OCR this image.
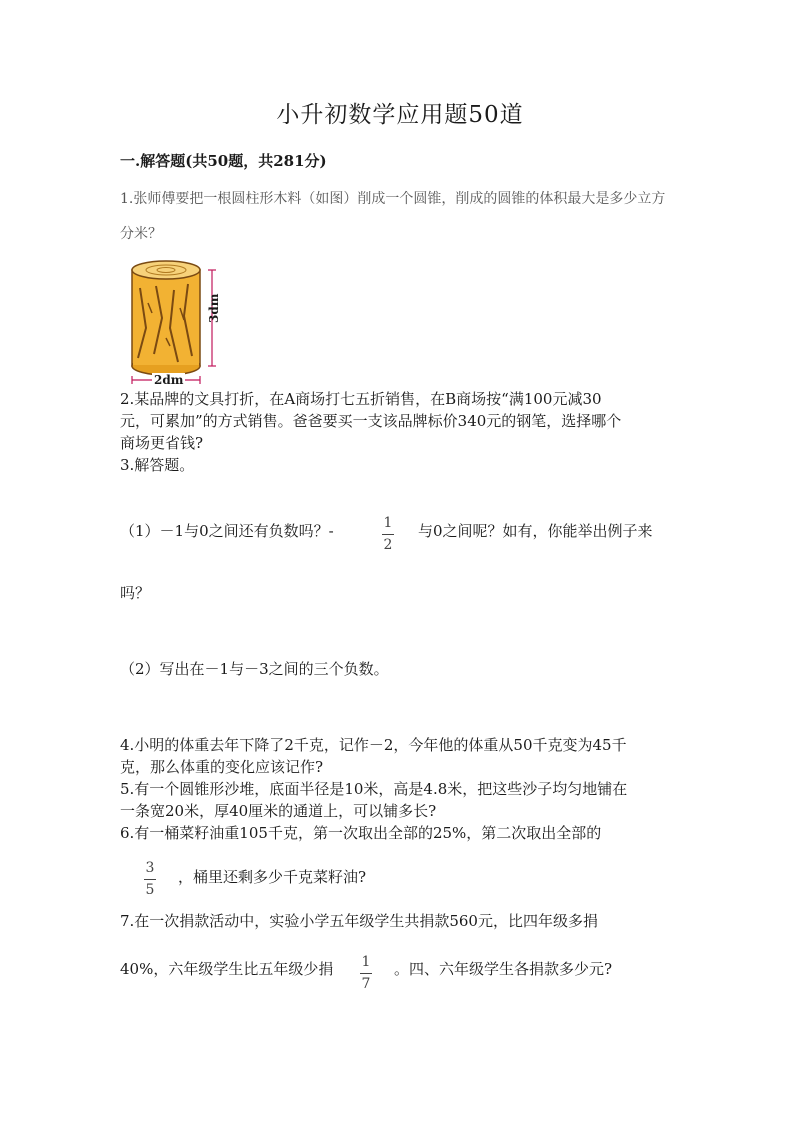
小升初数学应用题50道
一.解答题(共50题，共281分)
1.张师傅要把一根圆柱形木料（如图）削成一个圆锥，削成的圆锥的体积最大是多少立方
分米？
3dm
2dm
2.某品牌的文具打折，在A商场打七五折销售，在B商场按“满100元减30
元，可累加”的方式销售。爸爸要买一支该品牌标价340元的钢笔，选择哪个
商场更省钱?
3.解答题。
（1）－1与0之间还有负数吗？-	1
2
与0之间呢？如有，你能举出例子来
吗？
（2）写出在－1与－3之间的三个负数。
4.小明的体重去年下降了2千克，记作－2，今年他的体重从50千克变为45千
克，那么体重的变化应该记作?
5.有一个圆锥形沙堆，底面半径是10米，高是4.8米，把这些沙子均匀地铺在
一条宽20米，厚40厘米的通道上，可以铺多长?
6.有一桶菜籽油重105千克，第一次取出全部的25%，第二次取出全部的
3
5
，桶里还剩多少千克菜籽油?
7.在一次捐款活动中，实验小学五年级学生共捐款560元，比四年级多捐
40%，六年级学生比五年级少捐 1
7
。四、六年级学生各捐款多少元?
